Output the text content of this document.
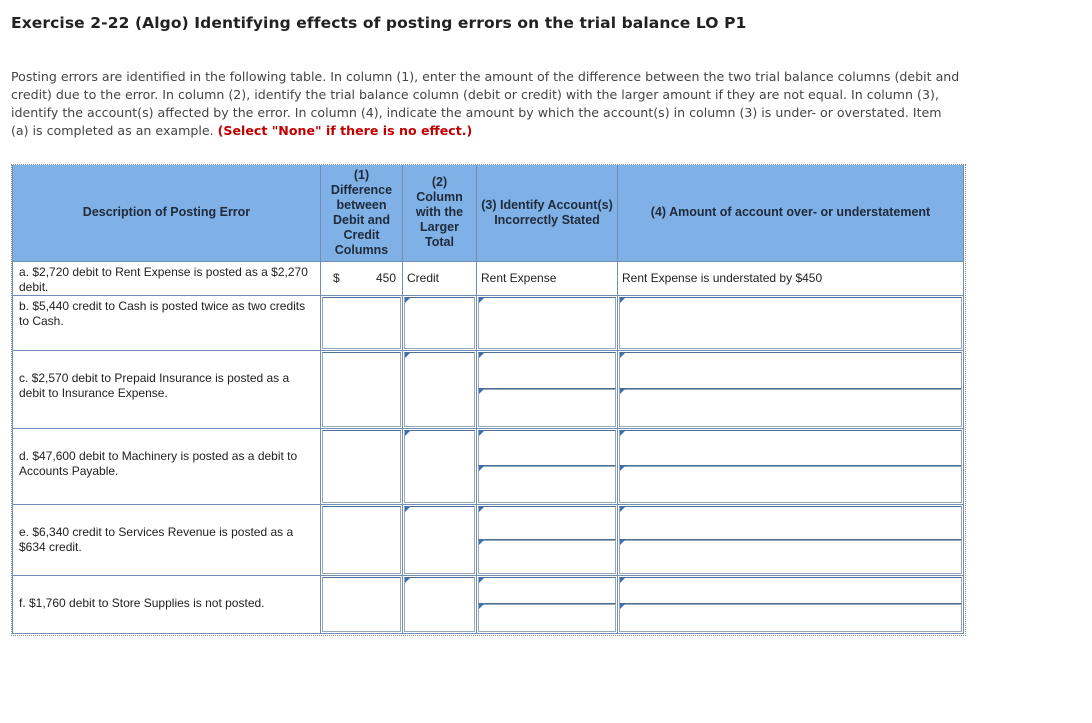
Exercise 2-22 (Algo) Identifying effects of posting errors on the trial balance LO P1
Posting errors are identified in the following table. In column (1), enter the amount of the difference between the two trial balance columns (debit and credit) due to the error. In column (2), identify the trial balance column (debit or credit) with the larger amount if they are not equal. In column (3), identify the account(s) affected by the error. In column (4), indicate the amount by which the account(s) in column (3) is under- or overstated. Item (a) is completed as an example. (Select "None" if there is no effect.)
Description of Posting Error	(1) Difference between Debit and Credit Columns	(2) Column with the Larger Total	(3) Identify Account(s) Incorrectly Stated	(4) Amount of account over- or understatement
a. $2,720 debit to Rent Expense is posted as a $2,270 debit.	$ 450	Credit	Rent Expense	Rent Expense is understated by $450

b. $5,440 credit to Cash is posted twice as two credits to Cash.	

c. $2,570 debit to Prepaid Insurance is posted as a debit to Insurance Expense.	

d. $47,600 debit to Machinery is posted as a debit to Accounts Payable.	

e. $6,340 credit to Services Revenue is posted as a $634 credit.	

f. $1,760 debit to Store Supplies is not posted.	
